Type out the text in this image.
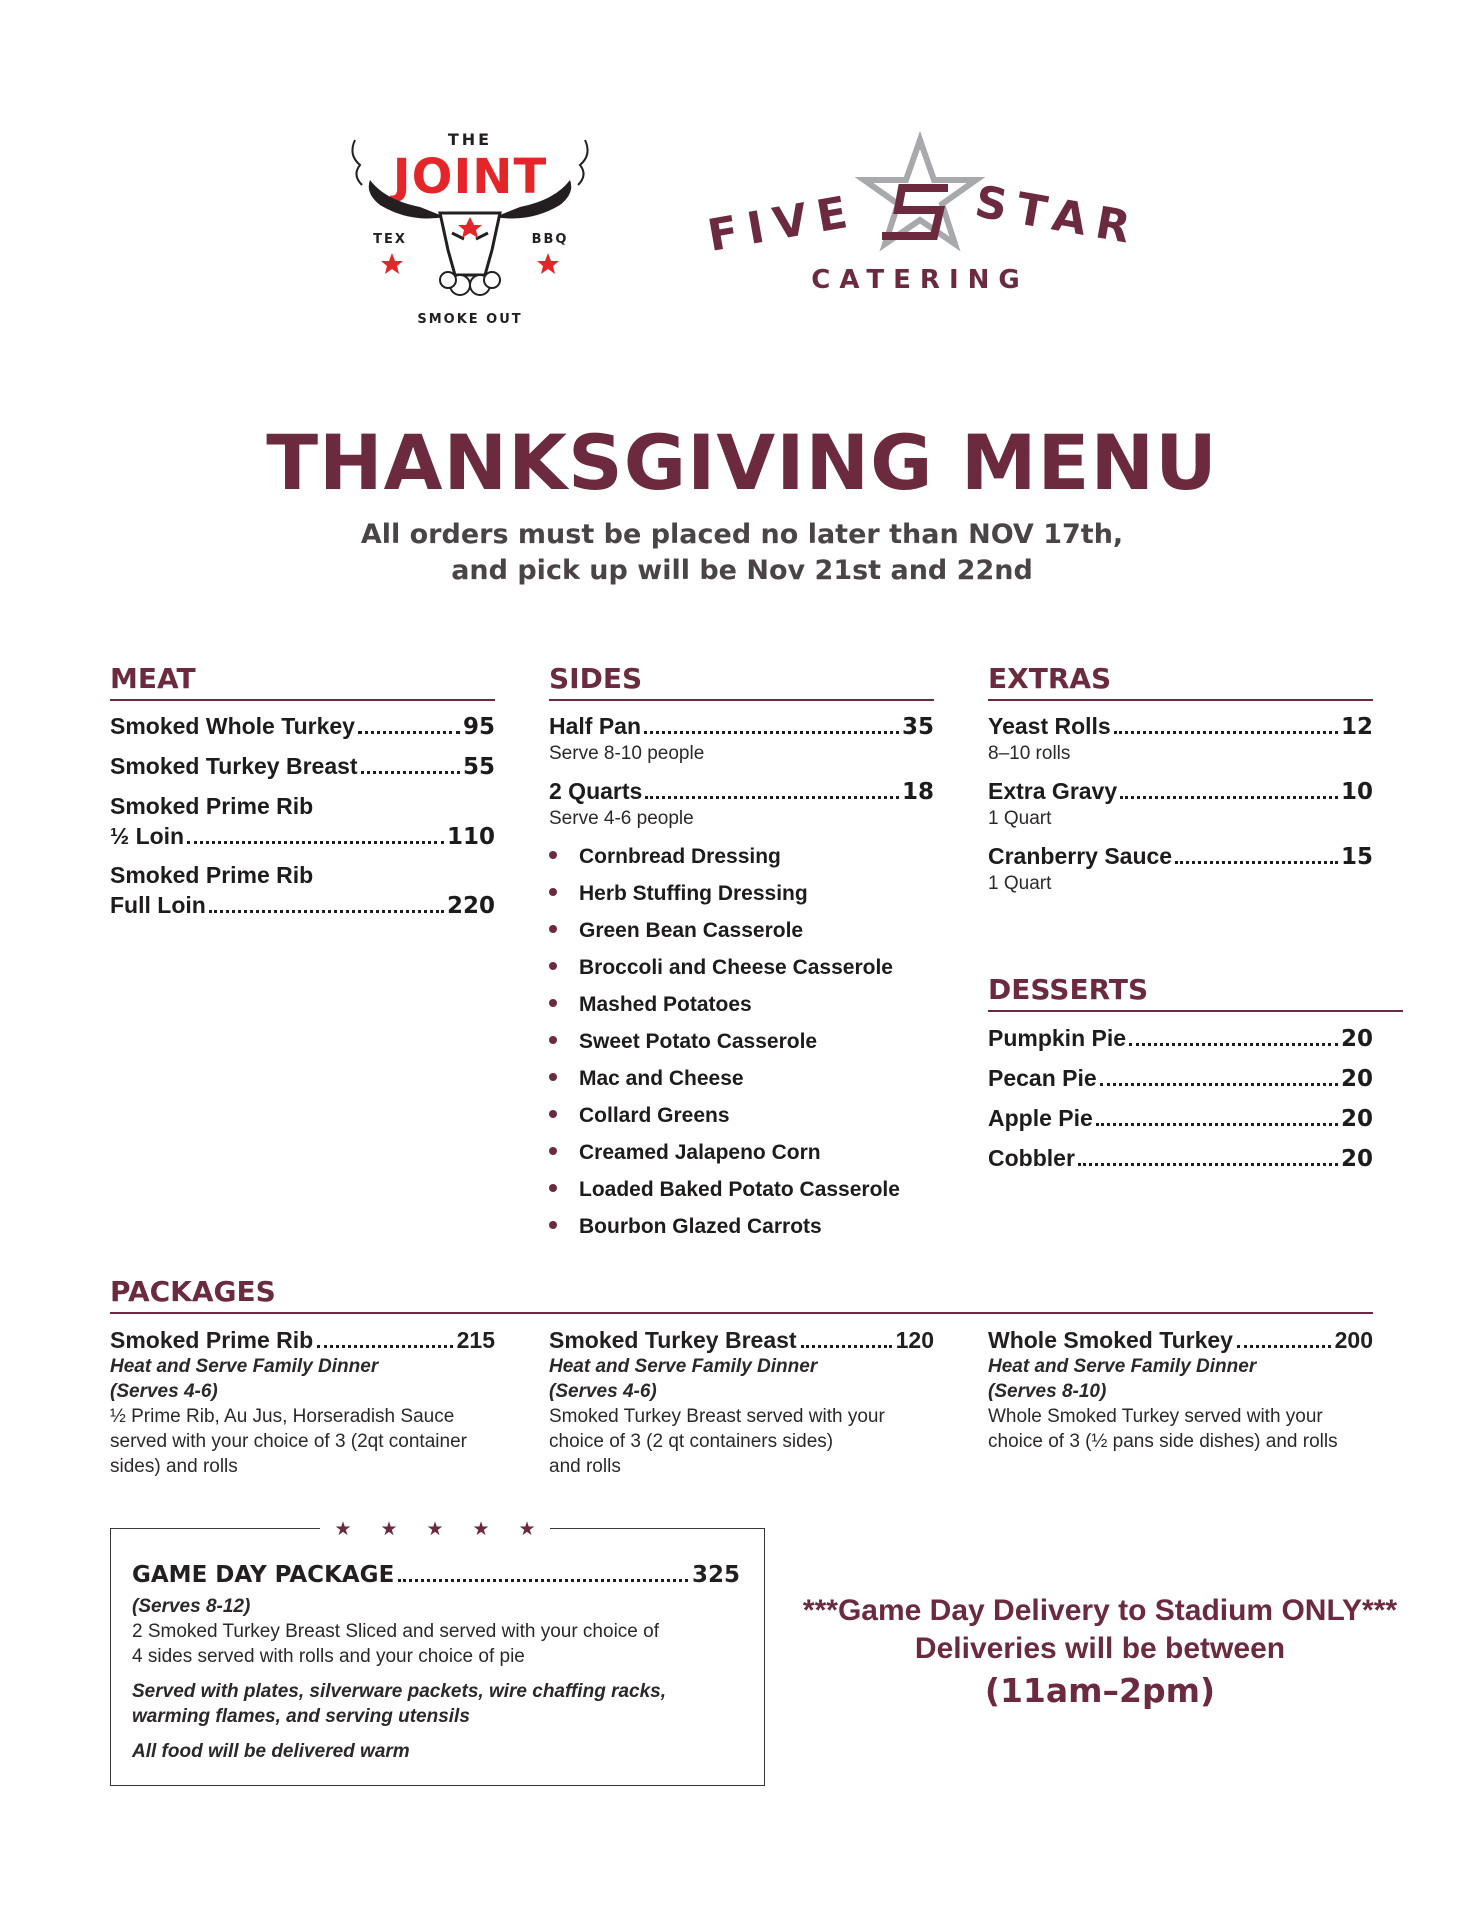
THE
JOINT
TEX	BBQ
SMOKE OUT
FIVE	STAR
CATERING
THANKSGIVING MENU
All orders must be placed no later than NOV 17th,
and pick up will be Nov 21st and 22nd
MEAT
Smoked Whole Turkey	95
Smoked Turkey Breast	55
Smoked Prime Rib
½ Loin	110
Smoked Prime Rib
Full Loin	220
SIDES
Half Pan	35
Serve 8-10 people
2 Quarts	18
Serve 4-6 people
Cornbread Dressing
Herb Stuffing Dressing
Green Bean Casserole
Broccoli and Cheese Casserole
Mashed Potatoes
Sweet Potato Casserole
Mac and Cheese
Collard Greens
Creamed Jalapeno Corn
Loaded Baked Potato Casserole
Bourbon Glazed Carrots
EXTRAS
Yeast Rolls	12
8–10 rolls
Extra Gravy	10
1 Quart
Cranberry Sauce	15
1 Quart
DESSERTS
Pumpkin Pie	20
Pecan Pie	20
Apple Pie	20
Cobbler	20
PACKAGES
Smoked Prime Rib	215
Heat and Serve Family Dinner
(Serves 4-6)
½ Prime Rib, Au Jus, Horseradish Sauce
served with your choice of 3 (2qt container
sides) and rolls
Smoked Turkey Breast	120
Heat and Serve Family Dinner
(Serves 4-6)
Smoked Turkey Breast served with your
choice of 3 (2 qt containers sides)
and rolls
Whole Smoked Turkey	200
Heat and Serve Family Dinner
(Serves 8-10)
Whole Smoked Turkey served with your
choice of 3 (½ pans side dishes) and rolls
★ ★ ★ ★ ★
GAME DAY PACKAGE	325
(Serves 8-12)
2 Smoked Turkey Breast Sliced and served with your choice of
4 sides served with rolls and your choice of pie
Served with plates, silverware packets, wire chaffing racks,
warming flames, and serving utensils
All food will be delivered warm
***Game Day Delivery to Stadium ONLY***
Deliveries will be between
(11am–2pm)
